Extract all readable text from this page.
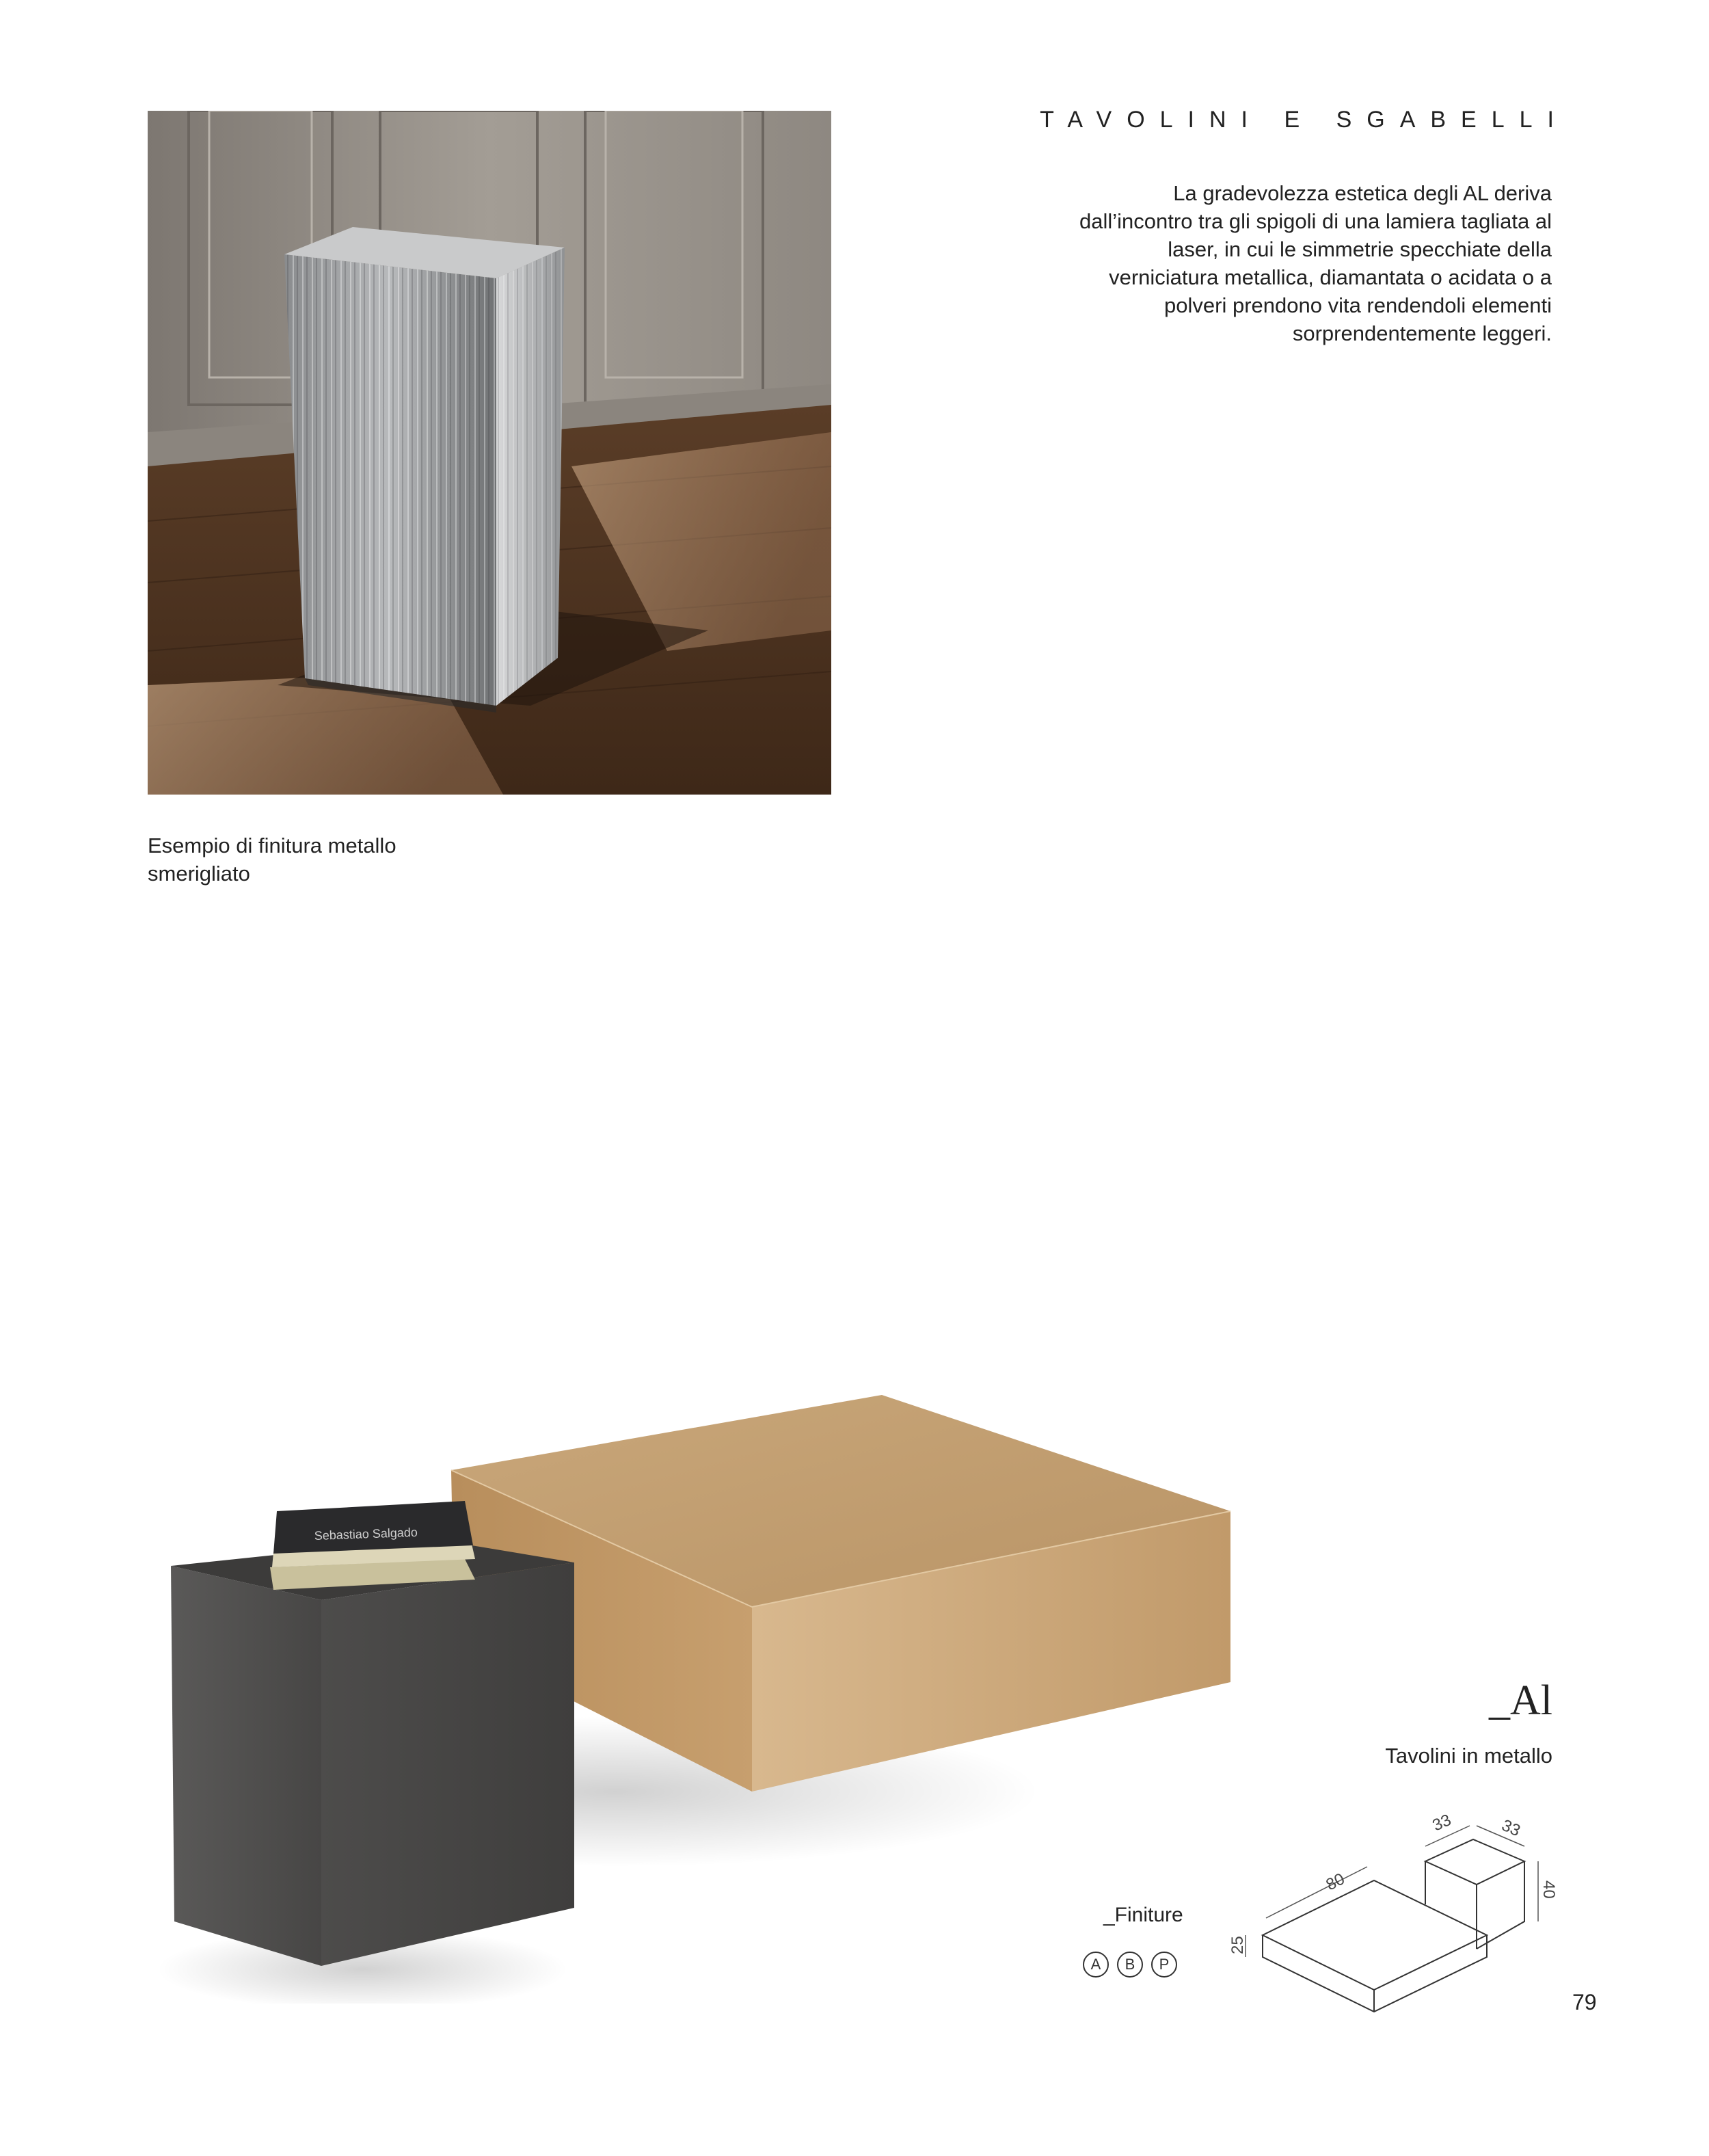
TAVOLINI E SGABELLI
La gradevolezza estetica degli AL deriva dall’incontro tra gli spigoli di una lamiera tagliata al laser, in cui le simmetrie specchiate della verniciatura metallica, diamantata o acidata o a polveri prendono vita rendendoli elementi sorprendentemente leggeri.
Esempio di finitura metallo smerigliato
Sebastiao Salgado
_Al
Tavolini in metallo
_Finiture
A	B	P
80
25
33	33
40
79
